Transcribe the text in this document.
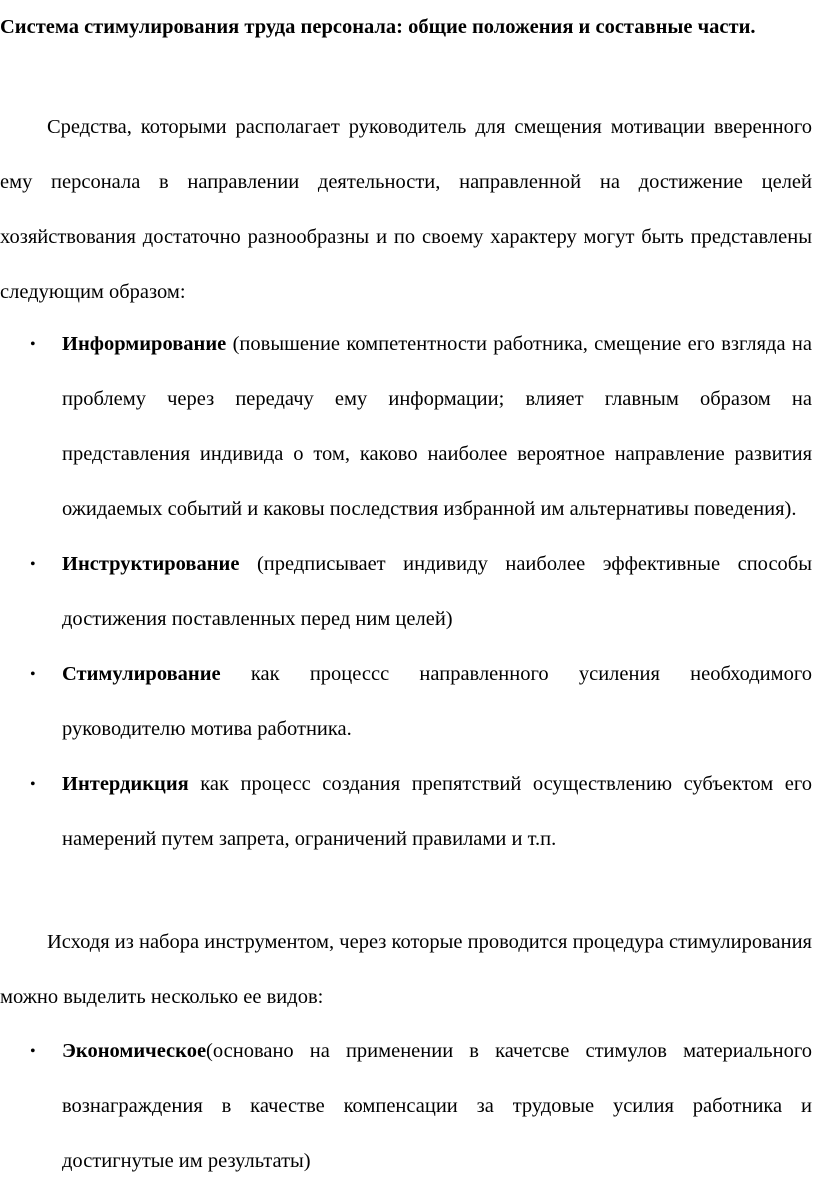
Система стимулирования труда персонала: общие положения и составные части.

Средства, которыми располагает руководитель для смещения мотивации вверенного ему персонала в направлении деятельности, направленной на достижение целей хозяйствования достаточно разнообразны и по своему характеру могут быть представлены следующим образом:

• Информирование (повышение компетентности работника, смещение его взгляда на проблему через передачу ему информации; влияет главным образом на представления индивида о том, каково наиболее вероятное направление развития ожидаемых событий и каковы последствия избранной им альтернативы поведения).
• Инструктирование (предписывает индивиду наиболее эффективные способы достижения поставленных перед ним целей)
• Стимулирование как процессс направленного усиления необходимого руководителю мотива работника.
• Интердикция как процесс создания препятствий осуществлению субъектом его намерений путем запрета, ограничений правилами и т.п.

Исходя из набора инструментом, через которые проводится процедура стимулирования можно выделить несколько ее видов:

• Экономическое(основано на применении в качетсве стимулов материального вознаграждения в качестве компенсации за трудовые усилия работника и достигнутые им результаты)
